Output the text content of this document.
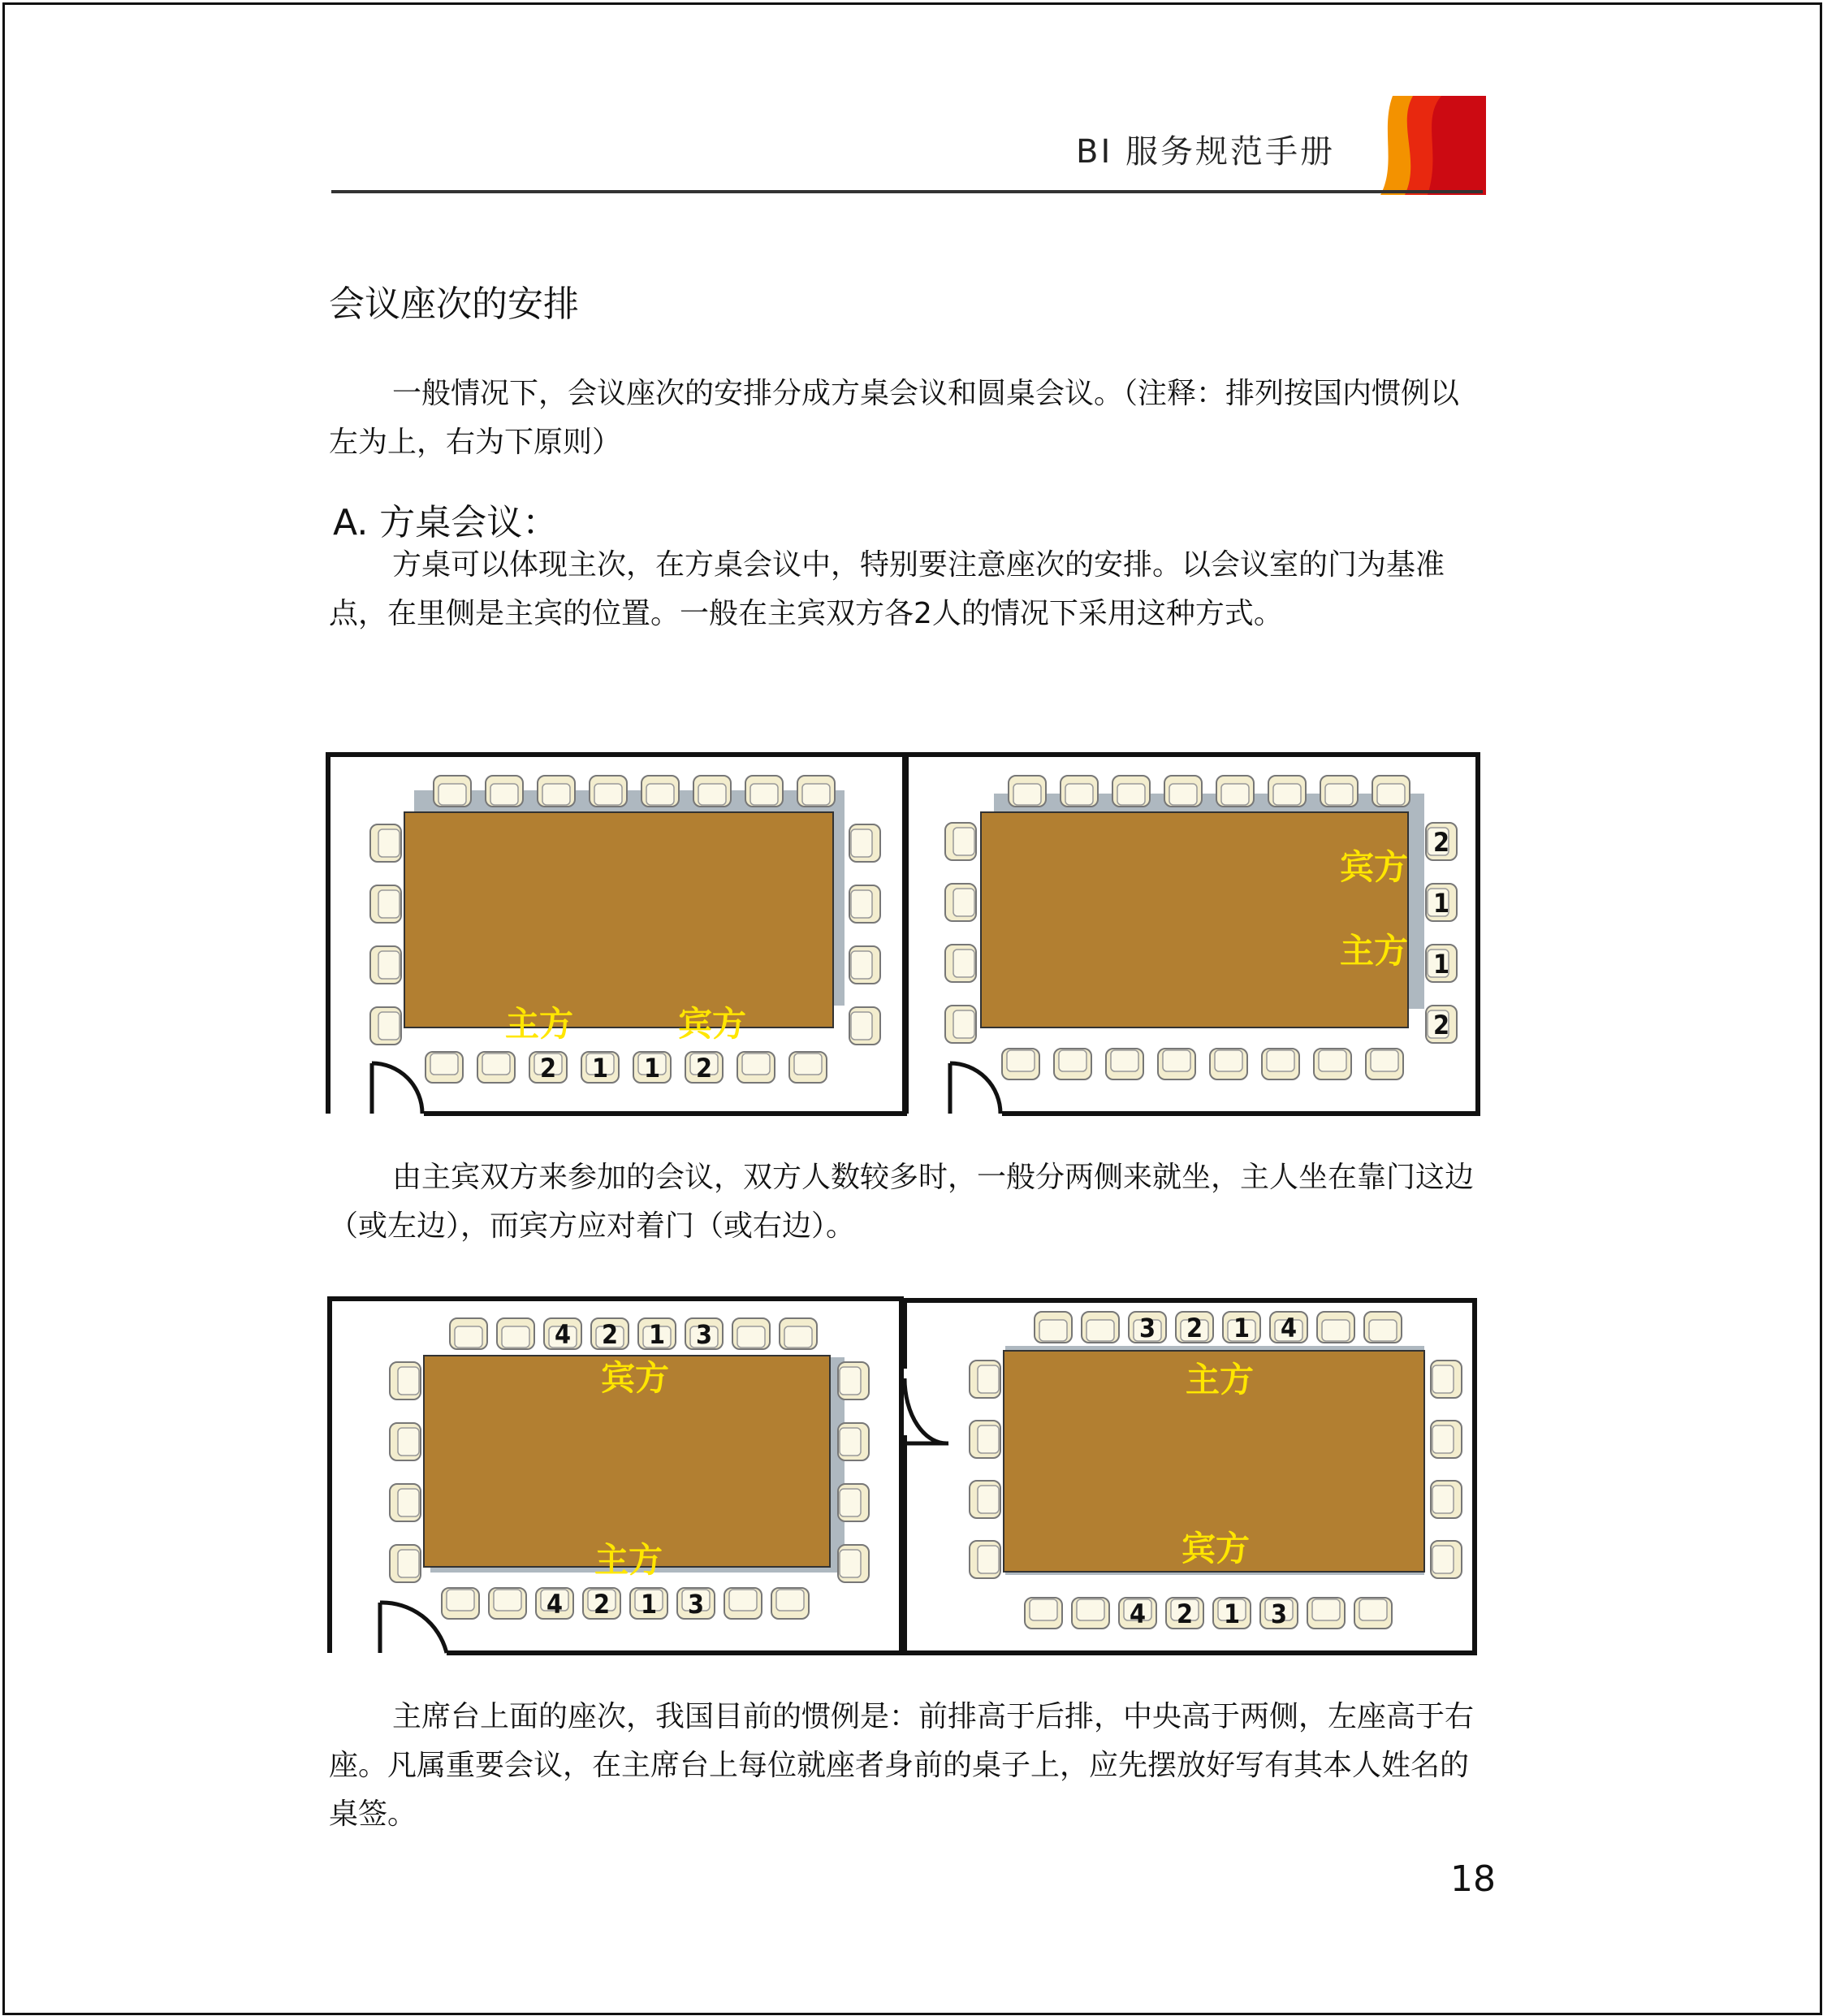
BI 服务规范手册
会议座次的安排

一般情况下，会议座次的安排分成方桌会议和圆桌会议。（注释：排列按国内惯例以左为上，右为下原则）

A. 方桌会议：

方桌可以体现主次，在方桌会议中，特别要注意座次的安排。以会议室的门为基准点，在里侧是主宾的位置。一般在主宾双方各2人的情况下采用这种方式。

由主宾双方来参加的会议，双方人数较多时，一般分两侧来就坐，主人坐在靠门这边（或左边），而宾方应对着门（或右边）。

主席台上面的座次，我国目前的惯例是：前排高于后排，中央高于两侧，左座高于右座。凡属重要会议，在主席台上每位就座者身前的桌子上，应先摆放好写有其本人姓名的桌签。

18
2 1 1 2
主方	宾方
2
1
1
2
宾方
主方
4 2 1 3
4 2 1 3
宾方
主方
3 2 1 4
4 2 1 3
主方
宾方
